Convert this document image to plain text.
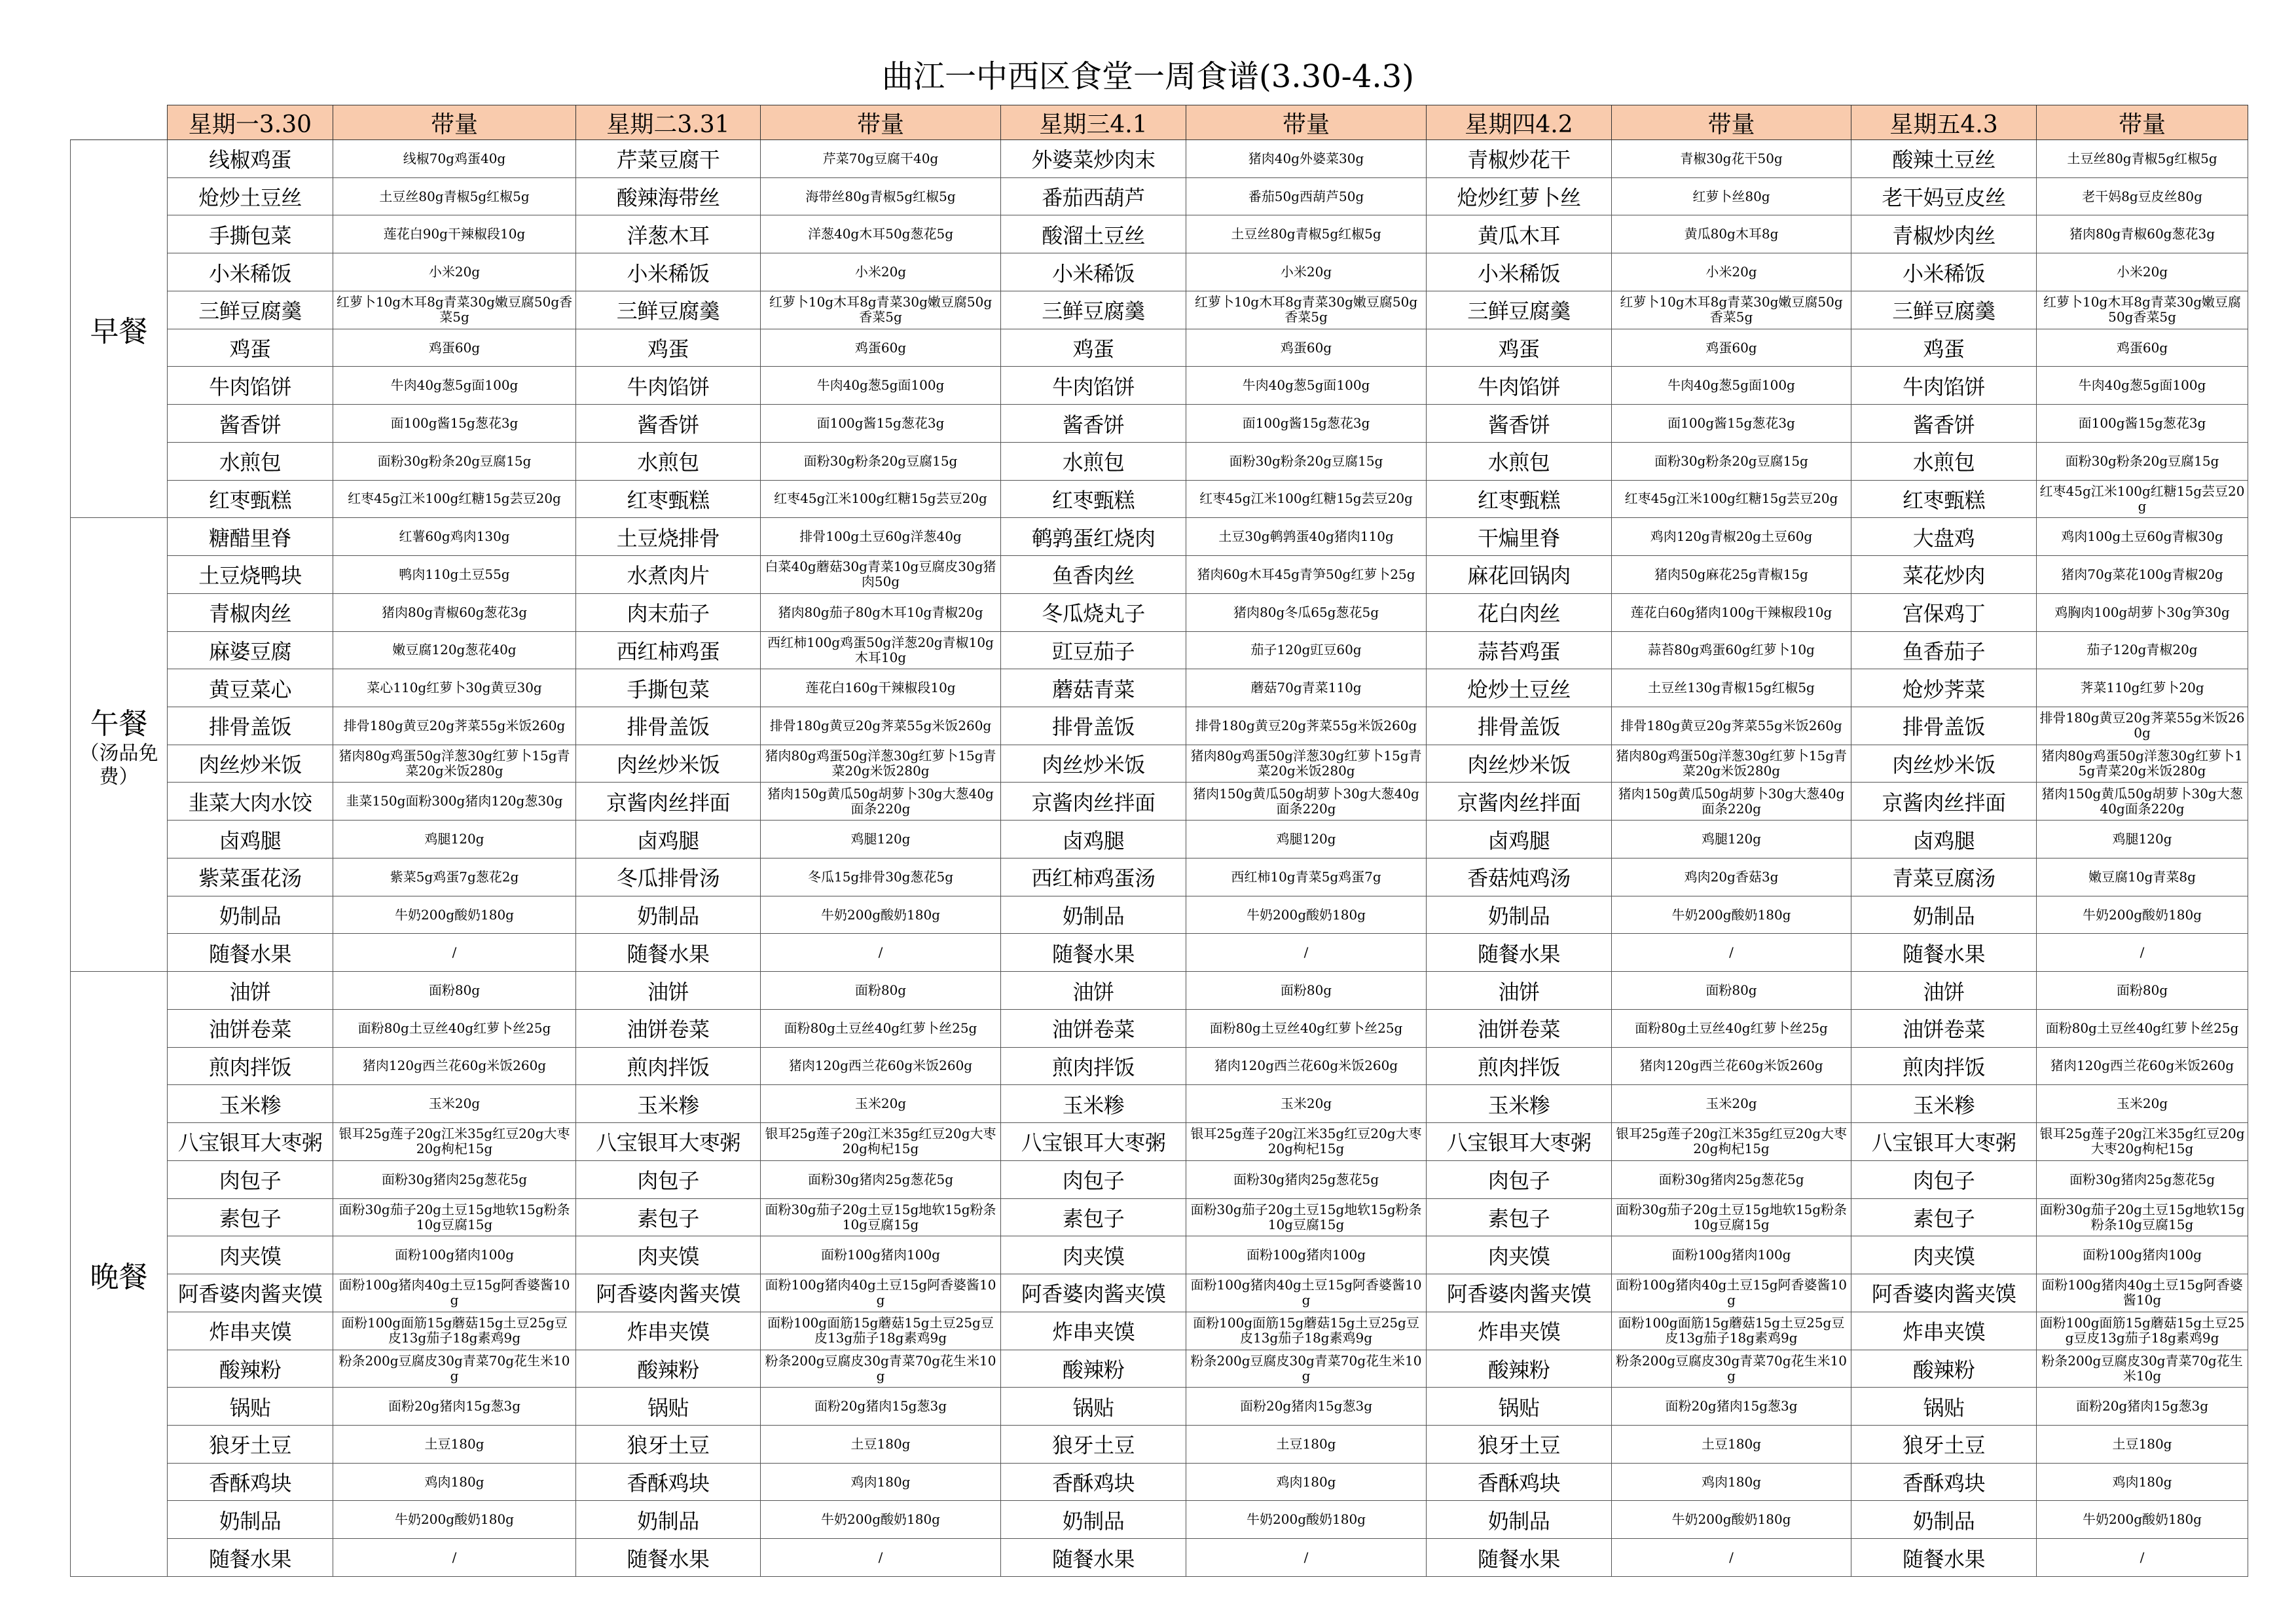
曲江一中西区食堂一周食谱(3.30-4.3)
	星期一3.30	带量	星期二3.31	带量	星期三4.1	带量	星期四4.2	带量	星期五4.3	带量
早餐	线椒鸡蛋	线椒70g鸡蛋40g	芹菜豆腐干	芹菜70g豆腐干40g	外婆菜炒肉末	猪肉40g外婆菜30g	青椒炒花干	青椒30g花干50g	酸辣土豆丝	土豆丝80g青椒5g红椒5g
	炝炒土豆丝	土豆丝80g青椒5g红椒5g	酸辣海带丝	海带丝80g青椒5g红椒5g	番茄西葫芦	番茄50g西葫芦50g	炝炒红萝卜丝	红萝卜丝80g	老干妈豆皮丝	老干妈8g豆皮丝80g
	手撕包菜	莲花白90g干辣椒段10g	洋葱木耳	洋葱40g木耳50g葱花5g	酸溜土豆丝	土豆丝80g青椒5g红椒5g	黄瓜木耳	黄瓜80g木耳8g	青椒炒肉丝	猪肉80g青椒60g葱花3g
	小米稀饭	小米20g	小米稀饭	小米20g	小米稀饭	小米20g	小米稀饭	小米20g	小米稀饭	小米20g
	三鲜豆腐羹	红萝卜10g木耳8g青菜30g嫩豆腐50g香菜5g	三鲜豆腐羹	红萝卜10g木耳8g青菜30g嫩豆腐50g香菜5g	三鲜豆腐羹	红萝卜10g木耳8g青菜30g嫩豆腐50g香菜5g	三鲜豆腐羹	红萝卜10g木耳8g青菜30g嫩豆腐50g香菜5g	三鲜豆腐羹	红萝卜10g木耳8g青菜30g嫩豆腐50g香菜5g
	鸡蛋	鸡蛋60g	鸡蛋	鸡蛋60g	鸡蛋	鸡蛋60g	鸡蛋	鸡蛋60g	鸡蛋	鸡蛋60g
	牛肉馅饼	牛肉40g葱5g面100g	牛肉馅饼	牛肉40g葱5g面100g	牛肉馅饼	牛肉40g葱5g面100g	牛肉馅饼	牛肉40g葱5g面100g	牛肉馅饼	牛肉40g葱5g面100g
	酱香饼	面100g酱15g葱花3g	酱香饼	面100g酱15g葱花3g	酱香饼	面100g酱15g葱花3g	酱香饼	面100g酱15g葱花3g	酱香饼	面100g酱15g葱花3g
	水煎包	面粉30g粉条20g豆腐15g	水煎包	面粉30g粉条20g豆腐15g	水煎包	面粉30g粉条20g豆腐15g	水煎包	面粉30g粉条20g豆腐15g	水煎包	面粉30g粉条20g豆腐15g
	红枣甄糕	红枣45g江米100g红糖15g芸豆20g	红枣甄糕	红枣45g江米100g红糖15g芸豆20g	红枣甄糕	红枣45g江米100g红糖15g芸豆20g	红枣甄糕	红枣45g江米100g红糖15g芸豆20g	红枣甄糕	红枣45g江米100g红糖15g芸豆20g
午餐
（汤品免费）	糖醋里脊	红薯60g鸡肉130g	土豆烧排骨	排骨100g土豆60g洋葱40g	鹌鹑蛋红烧肉	土豆30g鹌鹑蛋40g猪肉110g	干煸里脊	鸡肉120g青椒20g土豆60g	大盘鸡	鸡肉100g土豆60g青椒30g
	土豆烧鸭块	鸭肉110g土豆55g	水煮肉片	白菜40g蘑菇30g青菜10g豆腐皮30g猪肉50g	鱼香肉丝	猪肉60g木耳45g青笋50g红萝卜25g	麻花回锅肉	猪肉50g麻花25g青椒15g	菜花炒肉	猪肉70g菜花100g青椒20g
	青椒肉丝	猪肉80g青椒60g葱花3g	肉末茄子	猪肉80g茄子80g木耳10g青椒20g	冬瓜烧丸子	猪肉80g冬瓜65g葱花5g	花白肉丝	莲花白60g猪肉100g干辣椒段10g	宫保鸡丁	鸡胸肉100g胡萝卜30g笋30g
	麻婆豆腐	嫩豆腐120g葱花40g	西红柿鸡蛋	西红柿100g鸡蛋50g洋葱20g青椒10g木耳10g	豇豆茄子	茄子120g豇豆60g	蒜苔鸡蛋	蒜苔80g鸡蛋60g红萝卜10g	鱼香茄子	茄子120g青椒20g
	黄豆菜心	菜心110g红萝卜30g黄豆30g	手撕包菜	莲花白160g干辣椒段10g	蘑菇青菜	蘑菇70g青菜110g	炝炒土豆丝	土豆丝130g青椒15g红椒5g	炝炒荠菜	荠菜110g红萝卜20g
	排骨盖饭	排骨180g黄豆20g荠菜55g米饭260g	排骨盖饭	排骨180g黄豆20g荠菜55g米饭260g	排骨盖饭	排骨180g黄豆20g荠菜55g米饭260g	排骨盖饭	排骨180g黄豆20g荠菜55g米饭260g	排骨盖饭	排骨180g黄豆20g荠菜55g米饭260g
	肉丝炒米饭	猪肉80g鸡蛋50g洋葱30g红萝卜15g青菜20g米饭280g	肉丝炒米饭	猪肉80g鸡蛋50g洋葱30g红萝卜15g青菜20g米饭280g	肉丝炒米饭	猪肉80g鸡蛋50g洋葱30g红萝卜15g青菜20g米饭280g	肉丝炒米饭	猪肉80g鸡蛋50g洋葱30g红萝卜15g青菜20g米饭280g	肉丝炒米饭	猪肉80g鸡蛋50g洋葱30g红萝卜15g青菜20g米饭280g
	韭菜大肉水饺	韭菜150g面粉300g猪肉120g葱30g	京酱肉丝拌面	猪肉150g黄瓜50g胡萝卜30g大葱40g面条220g	京酱肉丝拌面	猪肉150g黄瓜50g胡萝卜30g大葱40g面条220g	京酱肉丝拌面	猪肉150g黄瓜50g胡萝卜30g大葱40g面条220g	京酱肉丝拌面	猪肉150g黄瓜50g胡萝卜30g大葱40g面条220g
	卤鸡腿	鸡腿120g	卤鸡腿	鸡腿120g	卤鸡腿	鸡腿120g	卤鸡腿	鸡腿120g	卤鸡腿	鸡腿120g
	紫菜蛋花汤	紫菜5g鸡蛋7g葱花2g	冬瓜排骨汤	冬瓜15g排骨30g葱花5g	西红柿鸡蛋汤	西红柿10g青菜5g鸡蛋7g	香菇炖鸡汤	鸡肉20g香菇3g	青菜豆腐汤	嫩豆腐10g青菜8g
	奶制品	牛奶200g酸奶180g	奶制品	牛奶200g酸奶180g	奶制品	牛奶200g酸奶180g	奶制品	牛奶200g酸奶180g	奶制品	牛奶200g酸奶180g
	随餐水果	/	随餐水果	/	随餐水果	/	随餐水果	/	随餐水果	/
晚餐	油饼	面粉80g	油饼	面粉80g	油饼	面粉80g	油饼	面粉80g	油饼	面粉80g
	油饼卷菜	面粉80g土豆丝40g红萝卜丝25g	油饼卷菜	面粉80g土豆丝40g红萝卜丝25g	油饼卷菜	面粉80g土豆丝40g红萝卜丝25g	油饼卷菜	面粉80g土豆丝40g红萝卜丝25g	油饼卷菜	面粉80g土豆丝40g红萝卜丝25g
	煎肉拌饭	猪肉120g西兰花60g米饭260g	煎肉拌饭	猪肉120g西兰花60g米饭260g	煎肉拌饭	猪肉120g西兰花60g米饭260g	煎肉拌饭	猪肉120g西兰花60g米饭260g	煎肉拌饭	猪肉120g西兰花60g米饭260g
	玉米糁	玉米20g	玉米糁	玉米20g	玉米糁	玉米20g	玉米糁	玉米20g	玉米糁	玉米20g
	八宝银耳大枣粥	银耳25g莲子20g江米35g红豆20g大枣20g枸杞15g	八宝银耳大枣粥	银耳25g莲子20g江米35g红豆20g大枣20g枸杞15g	八宝银耳大枣粥	银耳25g莲子20g江米35g红豆20g大枣20g枸杞15g	八宝银耳大枣粥	银耳25g莲子20g江米35g红豆20g大枣20g枸杞15g	八宝银耳大枣粥	银耳25g莲子20g江米35g红豆20g大枣20g枸杞15g
	肉包子	面粉30g猪肉25g葱花5g	肉包子	面粉30g猪肉25g葱花5g	肉包子	面粉30g猪肉25g葱花5g	肉包子	面粉30g猪肉25g葱花5g	肉包子	面粉30g猪肉25g葱花5g
	素包子	面粉30g茄子20g土豆15g地软15g粉条10g豆腐15g	素包子	面粉30g茄子20g土豆15g地软15g粉条10g豆腐15g	素包子	面粉30g茄子20g土豆15g地软15g粉条10g豆腐15g	素包子	面粉30g茄子20g土豆15g地软15g粉条10g豆腐15g	素包子	面粉30g茄子20g土豆15g地软15g粉条10g豆腐15g
	肉夹馍	面粉100g猪肉100g	肉夹馍	面粉100g猪肉100g	肉夹馍	面粉100g猪肉100g	肉夹馍	面粉100g猪肉100g	肉夹馍	面粉100g猪肉100g
	阿香婆肉酱夹馍	面粉100g猪肉40g土豆15g阿香婆酱10g	阿香婆肉酱夹馍	面粉100g猪肉40g土豆15g阿香婆酱10g	阿香婆肉酱夹馍	面粉100g猪肉40g土豆15g阿香婆酱10g	阿香婆肉酱夹馍	面粉100g猪肉40g土豆15g阿香婆酱10g	阿香婆肉酱夹馍	面粉100g猪肉40g土豆15g阿香婆酱10g
	炸串夹馍	面粉100g面筋15g蘑菇15g土豆25g豆皮13g茄子18g素鸡9g	炸串夹馍	面粉100g面筋15g蘑菇15g土豆25g豆皮13g茄子18g素鸡9g	炸串夹馍	面粉100g面筋15g蘑菇15g土豆25g豆皮13g茄子18g素鸡9g	炸串夹馍	面粉100g面筋15g蘑菇15g土豆25g豆皮13g茄子18g素鸡9g	炸串夹馍	面粉100g面筋15g蘑菇15g土豆25g豆皮13g茄子18g素鸡9g
	酸辣粉	粉条200g豆腐皮30g青菜70g花生米10g	酸辣粉	粉条200g豆腐皮30g青菜70g花生米10g	酸辣粉	粉条200g豆腐皮30g青菜70g花生米10g	酸辣粉	粉条200g豆腐皮30g青菜70g花生米10g	酸辣粉	粉条200g豆腐皮30g青菜70g花生米10g
	锅贴	面粉20g猪肉15g葱3g	锅贴	面粉20g猪肉15g葱3g	锅贴	面粉20g猪肉15g葱3g	锅贴	面粉20g猪肉15g葱3g	锅贴	面粉20g猪肉15g葱3g
	狼牙土豆	土豆180g	狼牙土豆	土豆180g	狼牙土豆	土豆180g	狼牙土豆	土豆180g	狼牙土豆	土豆180g
	香酥鸡块	鸡肉180g	香酥鸡块	鸡肉180g	香酥鸡块	鸡肉180g	香酥鸡块	鸡肉180g	香酥鸡块	鸡肉180g
	奶制品	牛奶200g酸奶180g	奶制品	牛奶200g酸奶180g	奶制品	牛奶200g酸奶180g	奶制品	牛奶200g酸奶180g	奶制品	牛奶200g酸奶180g
	随餐水果	/	随餐水果	/	随餐水果	/	随餐水果	/	随餐水果	/
